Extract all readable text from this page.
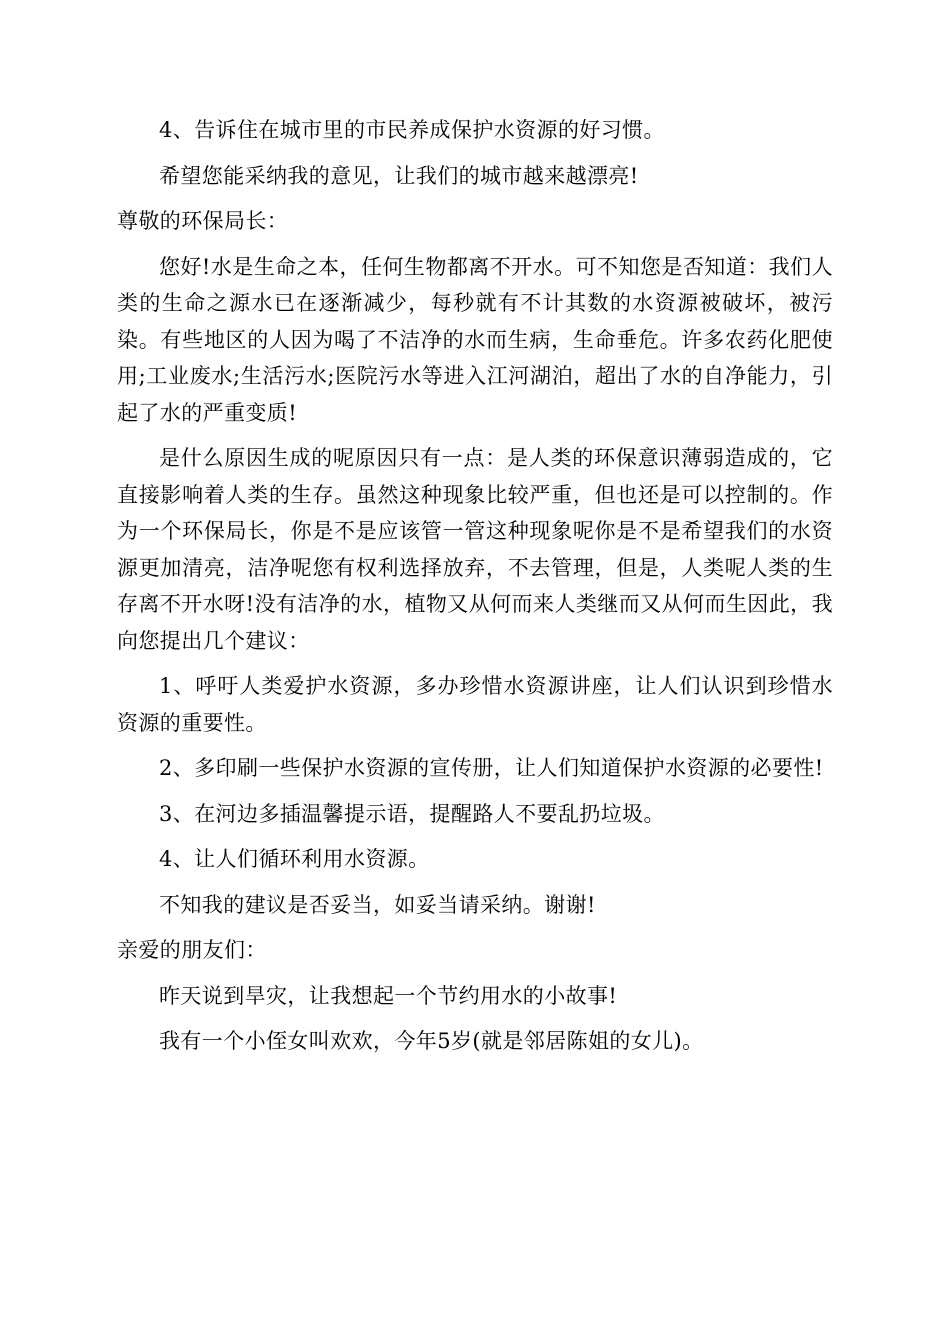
4、告诉住在城市里的市民养成保护水资源的好习惯。

希望您能采纳我的意见，让我们的城市越来越漂亮!

尊敬的环保局长：

您好!水是生命之本，任何生物都离不开水。可不知您是否知道：我们人类的生命之源水已在逐渐减少，每秒就有不计其数的水资源被破坏，被污染。有些地区的人因为喝了不洁净的水而生病，生命垂危。许多农药化肥使用;工业废水;生活污水;医院污水等进入江河湖泊，超出了水的自净能力，引起了水的严重变质!

是什么原因生成的呢原因只有一点：是人类的环保意识薄弱造成的，它直接影响着人类的生存。虽然这种现象比较严重，但也还是可以控制的。作为一个环保局长，你是不是应该管一管这种现象呢你是不是希望我们的水资源更加清亮，洁净呢您有权利选择放弃，不去管理，但是，人类呢人类的生存离不开水呀!没有洁净的水，植物又从何而来人类继而又从何而生因此，我向您提出几个建议：

1、呼吁人类爱护水资源，多办珍惜水资源讲座，让人们认识到珍惜水资源的重要性。

2、多印刷一些保护水资源的宣传册，让人们知道保护水资源的必要性!

3、在河边多插温馨提示语，提醒路人不要乱扔垃圾。

4、让人们循环利用水资源。

不知我的建议是否妥当，如妥当请采纳。谢谢!

亲爱的朋友们：

昨天说到旱灾，让我想起一个节约用水的小故事!

我有一个小侄女叫欢欢，今年5岁(就是邻居陈姐的女儿)。
